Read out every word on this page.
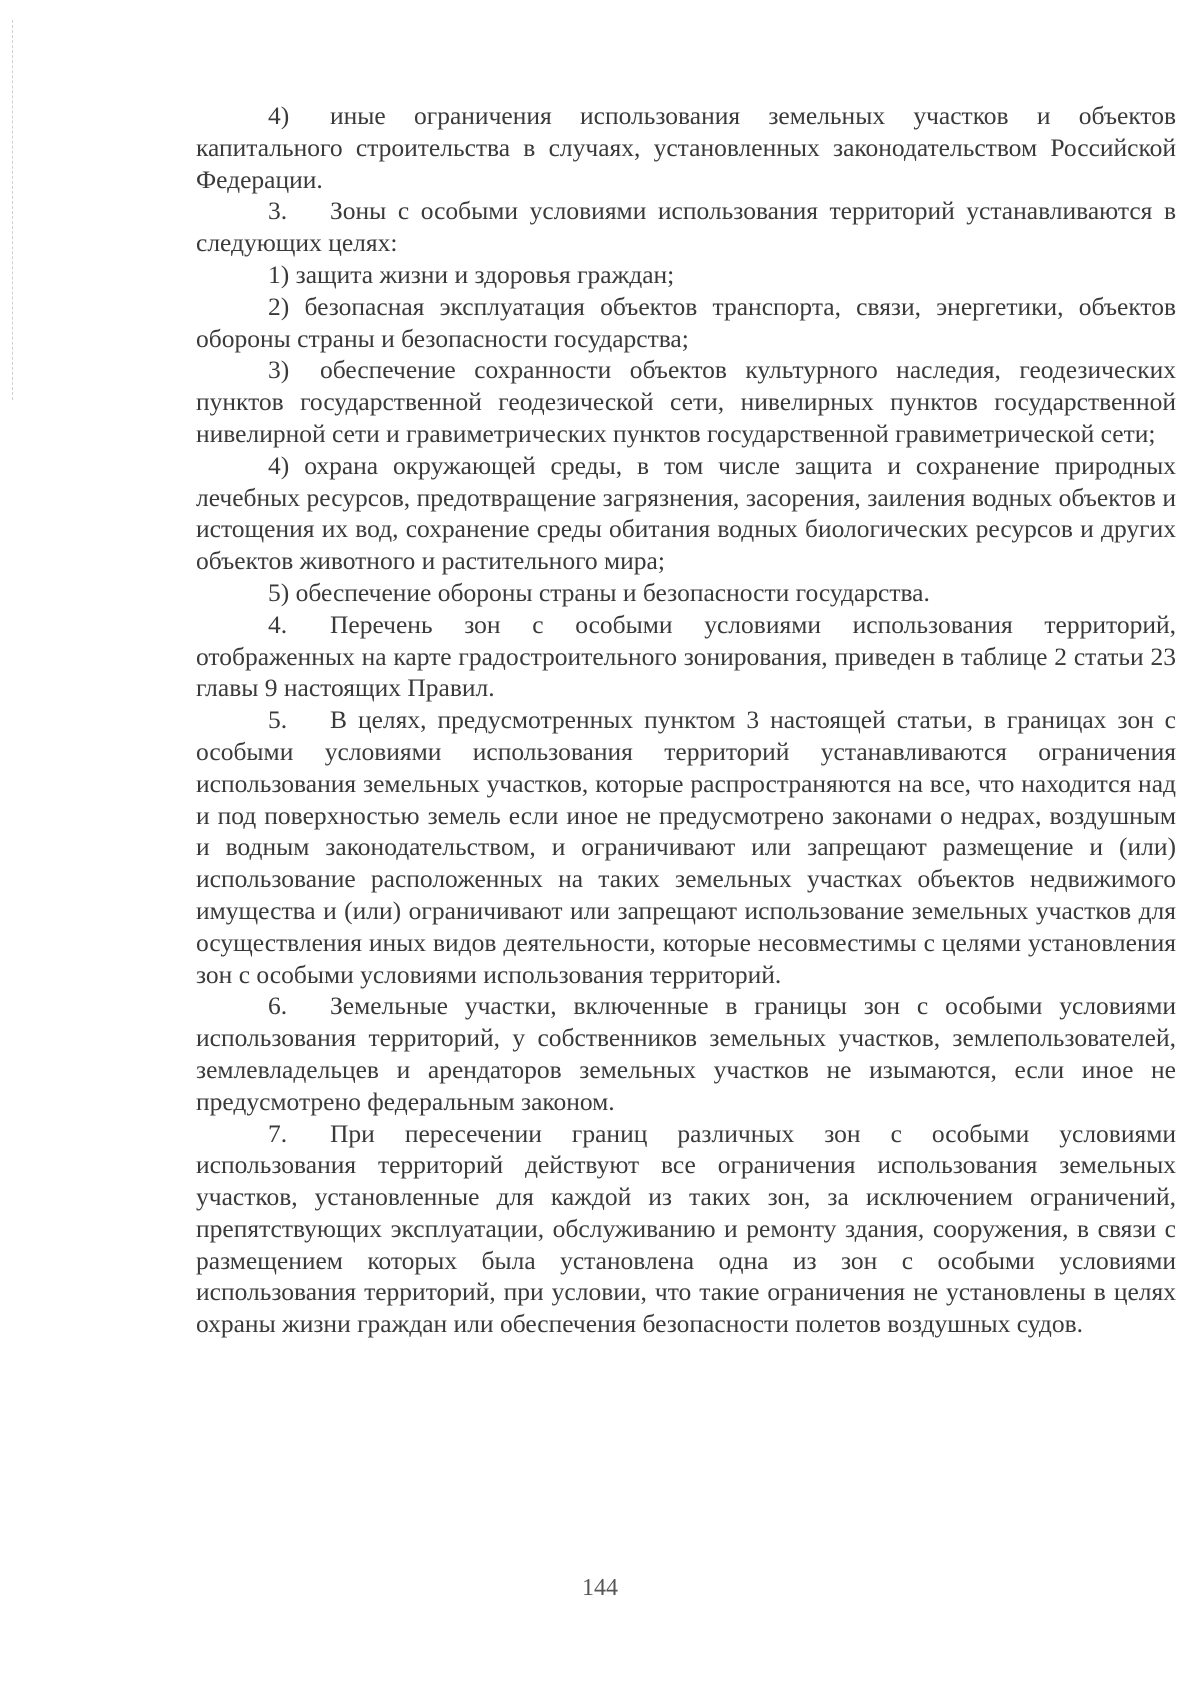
4) иные ограничения использования земельных участков и объектов капитального строительства в случаях, установленных законодательством Российской Федерации.

3. Зоны с особыми условиями использования территорий устанавливаются в следующих целях:

1) защита жизни и здоровья граждан;

2) безопасная эксплуатация объектов транспорта, связи, энергетики, объектов обороны страны и безопасности государства;

3) обеспечение сохранности объектов культурного наследия, геодезических пунктов государственной геодезической сети, нивелирных пунктов государственной нивелирной сети и гравиметрических пунктов государственной гравиметрической сети;

4) охрана окружающей среды, в том числе защита и сохранение природных лечебных ресурсов, предотвращение загрязнения, засорения, заиления водных объектов и истощения их вод, сохранение среды обитания водных биологических ресурсов и других объектов животного и растительного мира;

5) обеспечение обороны страны и безопасности государства.

4. Перечень зон с особыми условиями использования территорий, отображенных на карте градостроительного зонирования, приведен в таблице 2 статьи 23 главы 9 настоящих Правил.

5. В целях, предусмотренных пунктом 3 настоящей статьи, в границах зон с особыми условиями использования территорий устанавливаются ограничения использования земельных участков, которые распространяются на все, что находится над и под поверхностью земель если иное не предусмотрено законами о недрах, воздушным и водным законодательством, и ограничивают или запрещают размещение и (или) использование расположенных на таких земельных участках объектов недвижимого имущества и (или) ограничивают или запрещают использование земельных участков для осуществления иных видов деятельности, которые несовместимы с целями установления зон с особыми условиями использования территорий.

6. Земельные участки, включенные в границы зон с особыми условиями использования территорий, у собственников земельных участков, землепользователей, землевладельцев и арендаторов земельных участков не изымаются, если иное не предусмотрено федеральным законом.

7. При пересечении границ различных зон с особыми условиями использования территорий действуют все ограничения использования земельных участков, установленные для каждой из таких зон, за исключением ограничений, препятствующих эксплуатации, обслуживанию и ремонту здания, сооружения, в связи с размещением которых была установлена одна из зон с особыми условиями использования территорий, при условии, что такие ограничения не установлены в целях охраны жизни граждан или обеспечения безопасности полетов воздушных судов.

144
